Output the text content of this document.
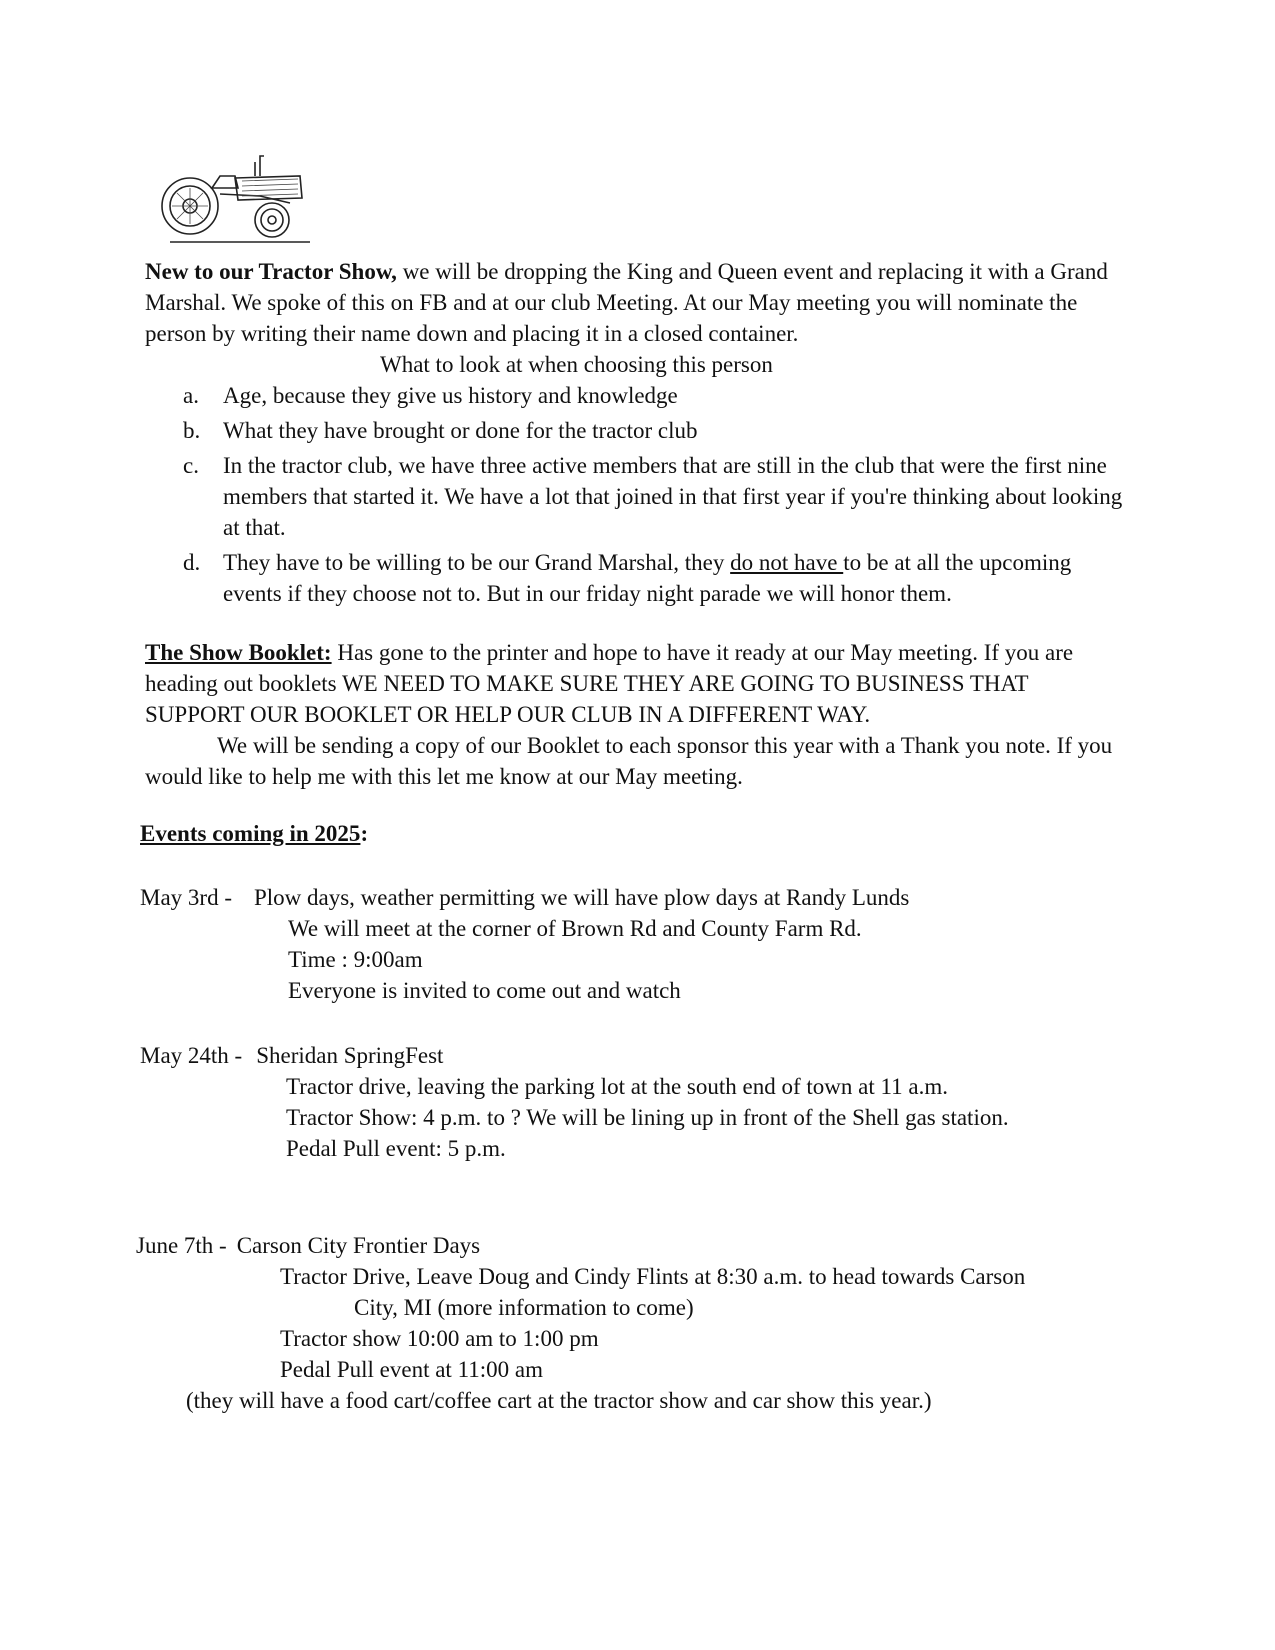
New to our Tractor Show, we will be dropping the King and Queen event and replacing it with a Grand Marshal. We spoke of this on FB and at our club Meeting. At our May meeting you will nominate the person by writing their name down and placing it in a closed container.

What to look at when choosing this person

a. Age, because they give us history and knowledge
b. What they have brought or done for the tractor club
c. In the tractor club, we have three active members that are still in the club that were the first nine members that started it. We have a lot that joined in that first year if you're thinking about looking at that.
d. They have to be willing to be our Grand Marshal, they do not have to be at all the upcoming events if they choose not to. But in our friday night parade we will honor them.

The Show Booklet: Has gone to the printer and hope to have it ready at our May meeting. If you are heading out booklets WE NEED TO MAKE SURE THEY ARE GOING TO BUSINESS THAT SUPPORT OUR BOOKLET OR HELP OUR CLUB IN A DIFFERENT WAY.

We will be sending a copy of our Booklet to each sponsor this year with a Thank you note. If you would like to help me with this let me know at our May meeting.

Events coming in 2025:
May 3rd - Plow days, weather permitting we will have plow days at Randy Lunds

We will meet at the corner of Brown Rd and County Farm Rd.

Time : 9:00am

Everyone is invited to come out and watch

May 24th - Sheridan SpringFest

Tractor drive, leaving the parking lot at the south end of town at 11 a.m.

Tractor Show: 4 p.m. to ? We will be lining up in front of the Shell gas station.

Pedal Pull event: 5 p.m.

June 7th - Carson City Frontier Days

Tractor Drive, Leave Doug and Cindy Flints at 8:30 a.m. to head towards Carson

City, MI (more information to come)

Tractor show 10:00 am to 1:00 pm

Pedal Pull event at 11:00 am

(they will have a food cart/coffee cart at the tractor show and car show this year.)
